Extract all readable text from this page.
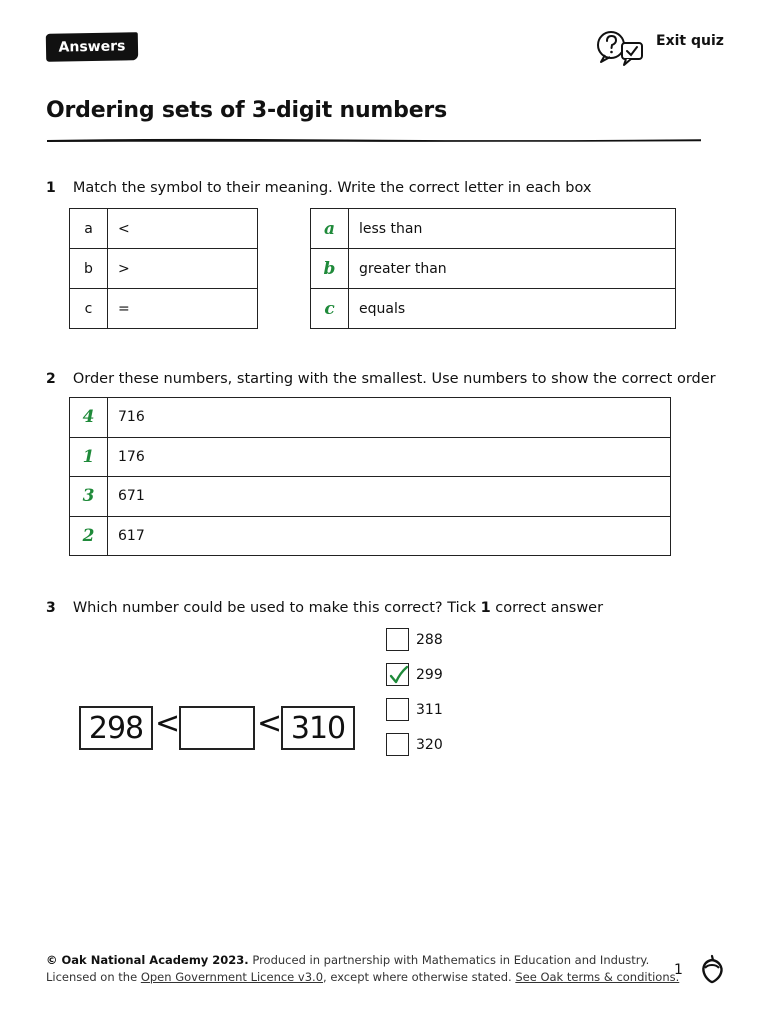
Answers	Exit quiz
Ordering sets of 3-digit numbers
1 Match the symbol to their meaning. Write the correct letter in each box
a	<
b	>
c	=
a	less than
b	greater than
c	equals
2 Order these numbers, starting with the smallest. Use numbers to show the correct order
4	716
1	176
3	671
2	617
3 Which number could be used to make this correct? Tick 1 correct answer
298 <	< 310
288
299
311
320
© Oak National Academy 2023. Produced in partnership with Mathematics in Education and Industry.
Licensed on the Open Government Licence v3.0, except where otherwise stated. See Oak terms & conditions.
1
